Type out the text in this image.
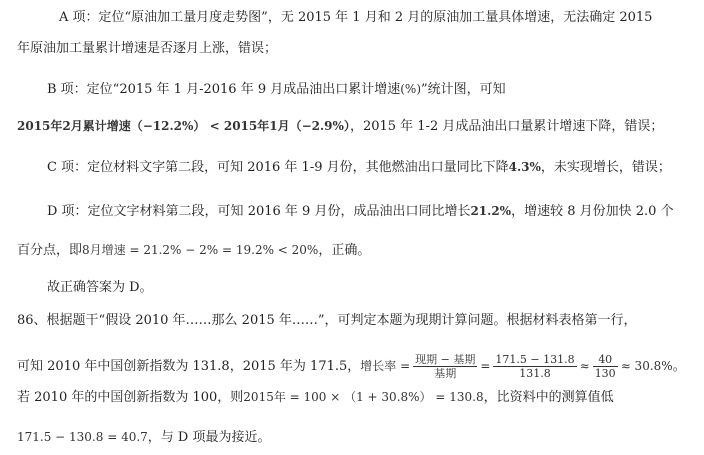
A 项：定位“原油加工量月度走势图”，无 2015 年 1 月和 2 月的原油加工量具体增速，无法确定 2015
年原油加工量累计增速是否逐月上涨，错误；
B 项：定位“2015 年 1 月-2016 年 9 月成品油出口累计增速(%)”统计图，可知
2015年2月累计增速（−12.2%） < 2015年1月（−2.9%），2015 年 1-2 月成品油出口量累计增速下降，错误；
C 项：定位材料文字第二段，可知 2016 年 1-9 月份，其他燃油出口量同比下降4.3%，未实现增长，错误；
D 项：定位文字材料第二段，可知 2016 年 9 月份，成品油出口同比增长21.2%，增速较 8 月份加快 2.0 个
百分点，即8月增速 = 21.2% − 2% = 19.2% < 20%，正确。
故正确答案为 D。
86、根据题干“假设 2010 年……那么 2015 年……”，可判定本题为现期计算问题。根据材料表格第一行，
可知 2010 年中国创新指数为 131.8，2015 年为 171.5，增长率 = $\frac{\text{现期 − 基期}}{\text{基期}} = \frac{171.5 - 131.8}{131.8} \approx \frac{40}{130} \approx 30.8\%$。
若 2010 年的中国创新指数为 100，则2015年 = 100 × （1 + 30.8%） = 130.8，比资料中的测算值低
171.5 − 130.8 = 40.7，与 D 项最为接近。
